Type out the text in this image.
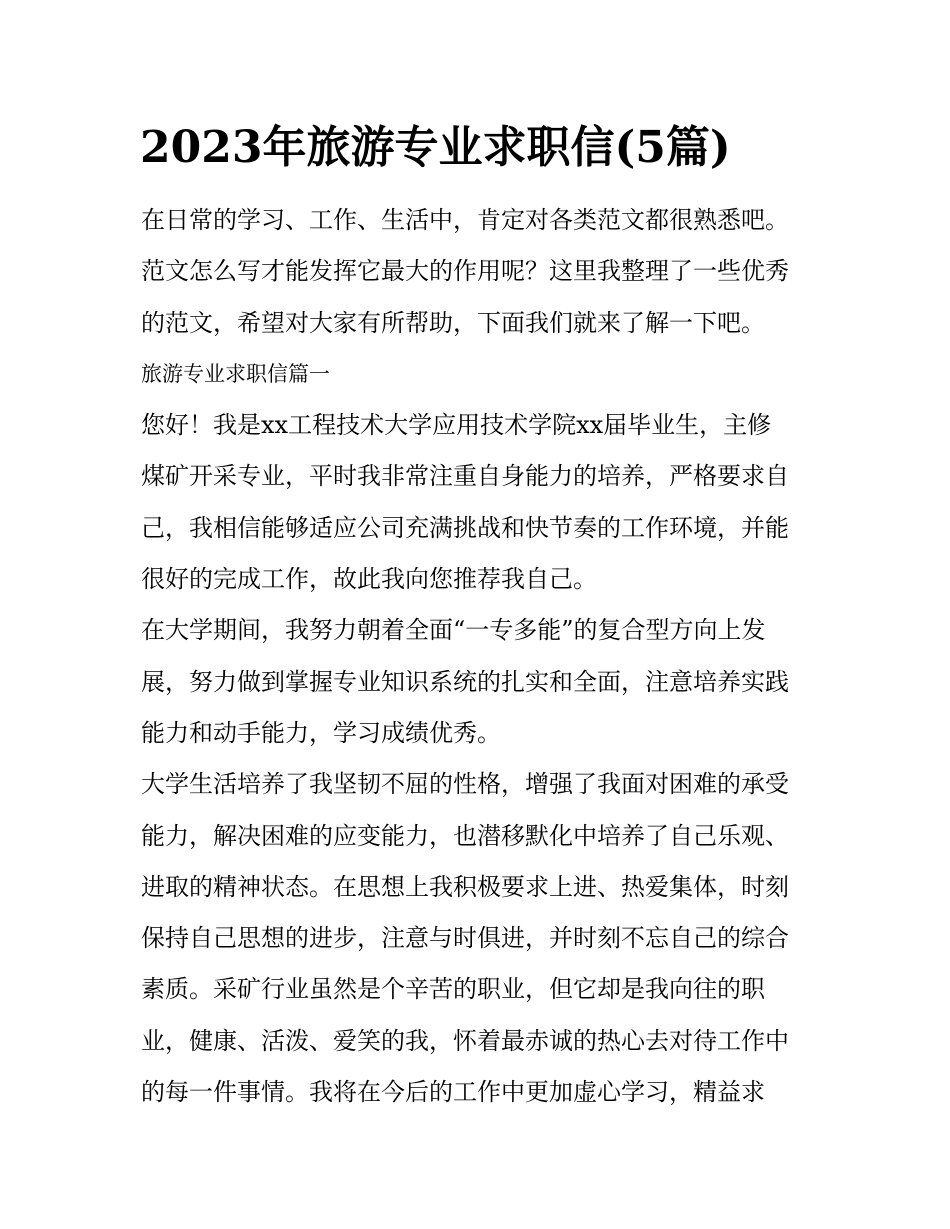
2023年旅游专业求职信(5篇)

在日常的学习、工作、生活中，肯定对各类范文都很熟悉吧。

范文怎么写才能发挥它最大的作用呢？这里我整理了一些优秀

的范文，希望对大家有所帮助，下面我们就来了解一下吧。

旅游专业求职信篇一

您好！我是xx工程技术大学应用技术学院xx届毕业生，主修

煤矿开采专业，平时我非常注重自身能力的培养，严格要求自

己，我相信能够适应公司充满挑战和快节奏的工作环境，并能

很好的完成工作，故此我向您推荐我自己。

在大学期间，我努力朝着全面“一专多能”的复合型方向上发

展，努力做到掌握专业知识系统的扎实和全面，注意培养实践

能力和动手能力，学习成绩优秀。

大学生活培养了我坚韧不屈的性格，增强了我面对困难的承受

能力，解决困难的应变能力，也潜移默化中培养了自己乐观、

进取的精神状态。在思想上我积极要求上进、热爱集体，时刻

保持自己思想的进步，注意与时俱进，并时刻不忘自己的综合

素质。采矿行业虽然是个辛苦的职业，但它却是我向往的职

业，健康、活泼、爱笑的我，怀着最赤诚的热心去对待工作中

的每一件事情。我将在今后的工作中更加虚心学习，精益求
